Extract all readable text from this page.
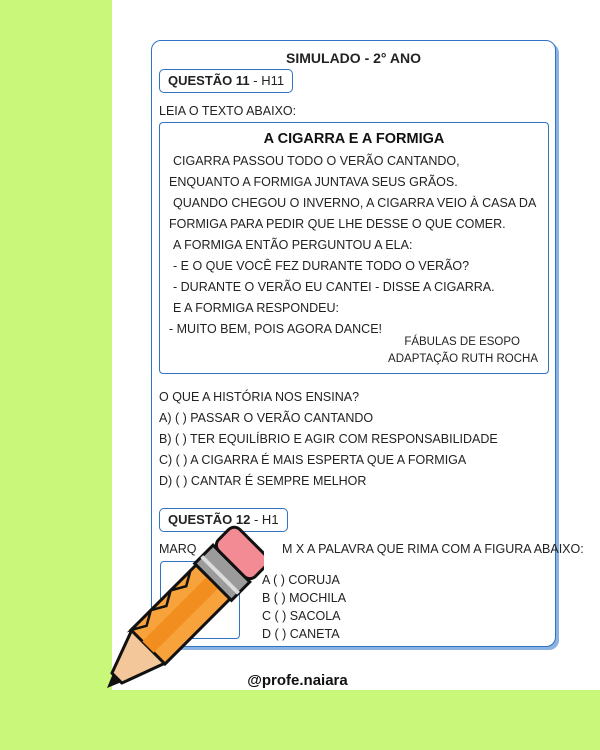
SIMULADO - 2° ANO
QUESTÃO 11 - H11
LEIA O TEXTO ABAIXO:
A CIGARRA E A FORMIGA
CIGARRA PASSOU TODO O VERÃO CANTANDO,
ENQUANTO A FORMIGA JUNTAVA SEUS GRÃOS.
QUANDO CHEGOU O INVERNO, A CIGARRA VEIO À CASA DA
FORMIGA PARA PEDIR QUE LHE DESSE O QUE COMER.
A FORMIGA ENTÃO PERGUNTOU A ELA:
- E O QUE VOCÊ FEZ DURANTE TODO O VERÃO?
- DURANTE O VERÃO EU CANTEI - DISSE A CIGARRA.
E A FORMIGA RESPONDEU:
- MUITO BEM, POIS AGORA DANCE!
FÁBULAS DE ESOPO
ADAPTAÇÃO RUTH ROCHA
O QUE A HISTÓRIA NOS ENSINA?
A) ( ) PASSAR O VERÃO CANTANDO
B) ( ) TER EQUILÍBRIO E AGIR COM RESPONSABILIDADE
C) ( ) A CIGARRA É MAIS ESPERTA QUE A FORMIGA
D) ( ) CANTAR É SEMPRE MELHOR
QUESTÃO 12 - H1
MARQ	M X A PALAVRA QUE RIMA COM A FIGURA ABAIXO:
A ( ) CORUJA
B ( ) MOCHILA
C ( ) SACOLA
D ( ) CANETA
@profe.naiara
